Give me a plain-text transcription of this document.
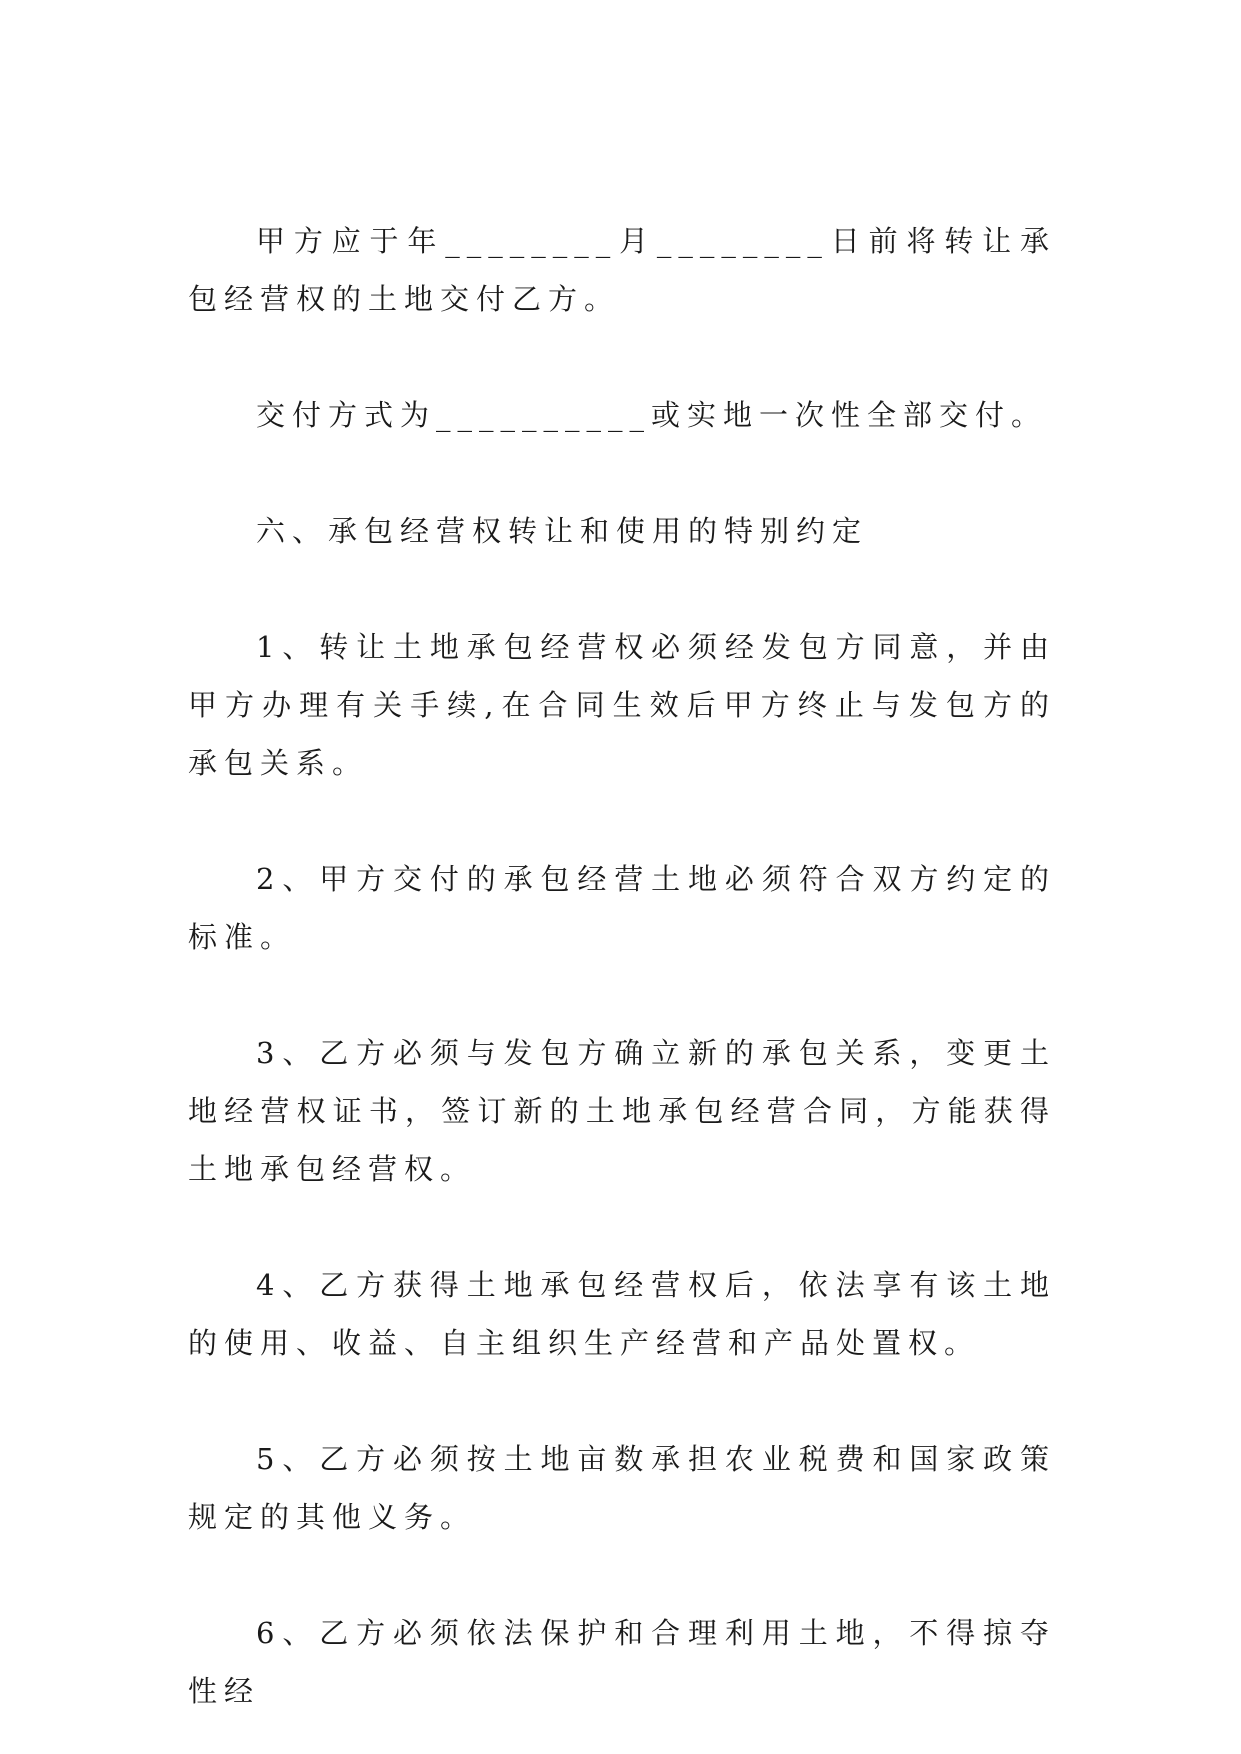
甲方应于年________月________日前将转让承包经营权的土地交付乙方。

交付方式为__________或实地一次性全部交付。

六、承包经营权转让和使用的特别约定

1、转让土地承包经营权必须经发包方同意，并由甲方办理有关手续,在合同生效后甲方终止与发包方的承包关系。

2、甲方交付的承包经营土地必须符合双方约定的标准。

3、乙方必须与发包方确立新的承包关系，变更土地经营权证书，签订新的土地承包经营合同，方能获得土地承包经营权。

4、乙方获得土地承包经营权后，依法享有该土地的使用、收益、自主组织生产经营和产品处置权。

5、乙方必须按土地亩数承担农业税费和国家政策规定的其他义务。

6、乙方必须依法保护和合理利用土地，不得掠夺性经
